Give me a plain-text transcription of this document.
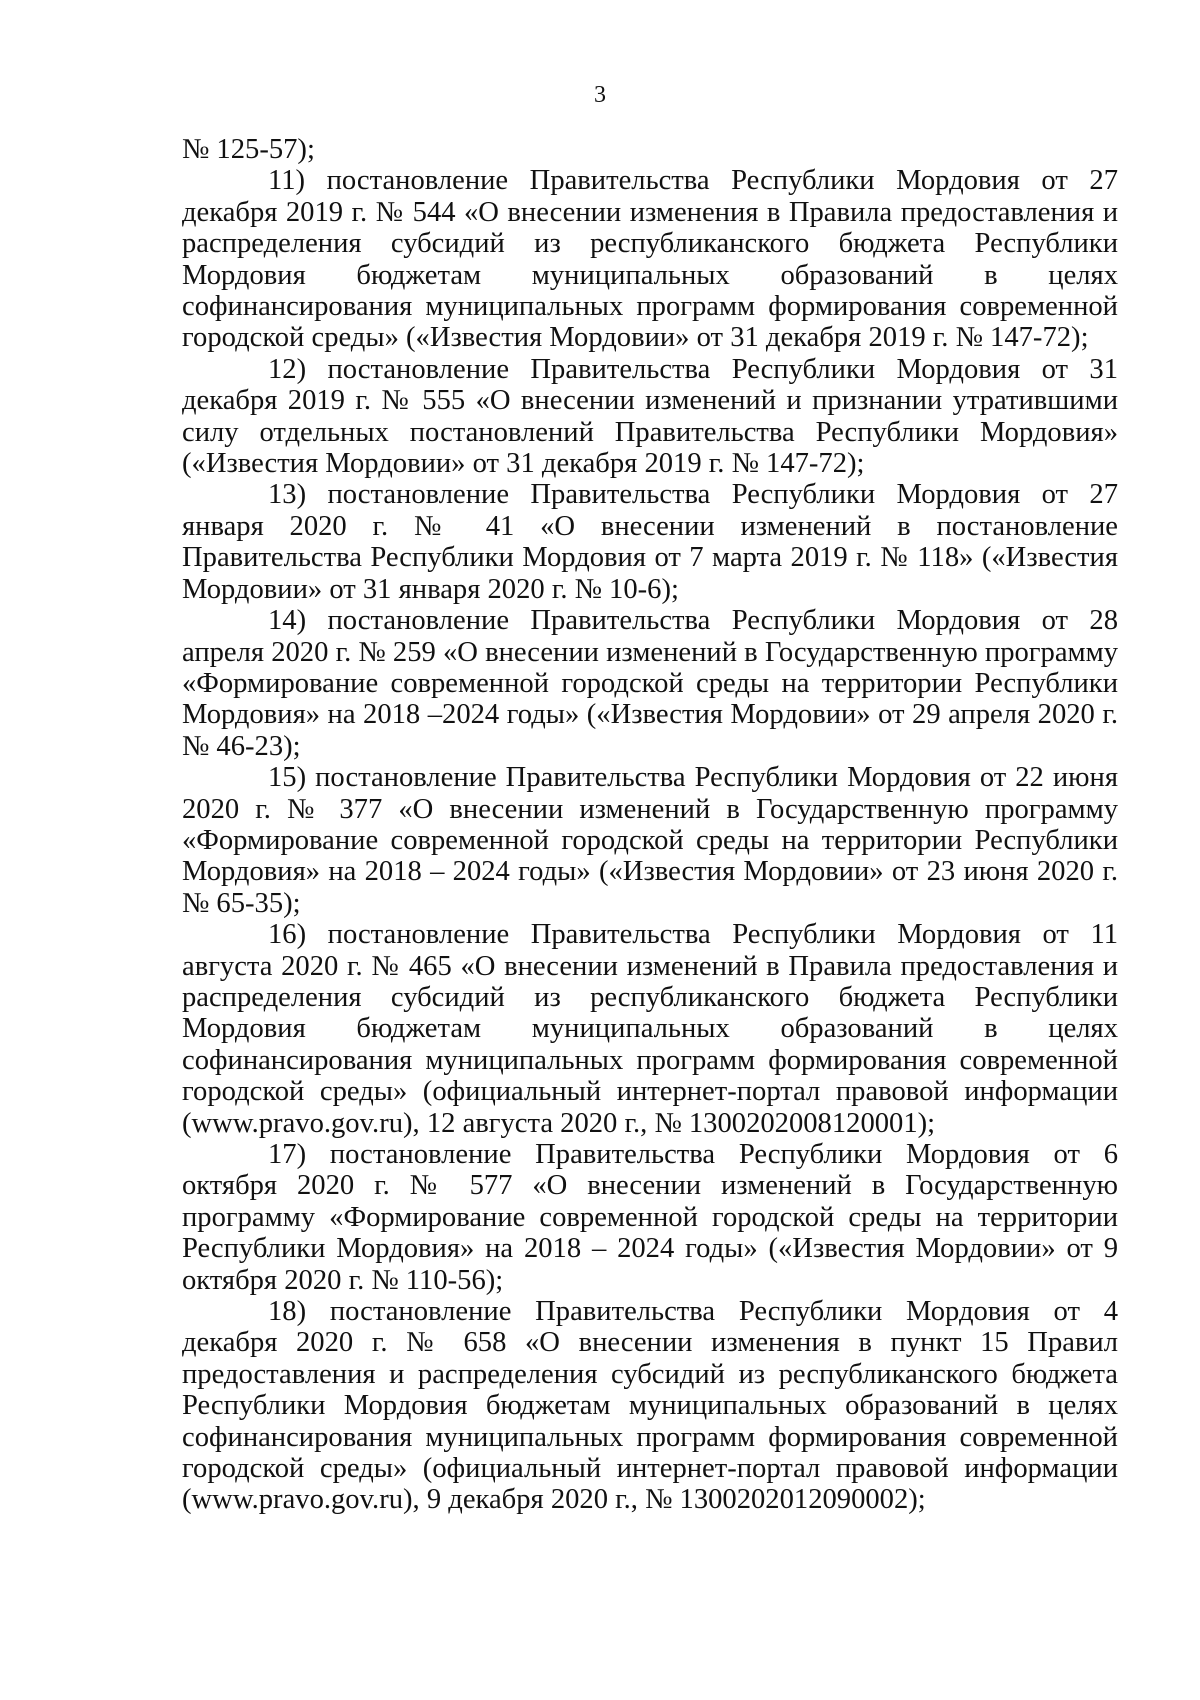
3

№ 125-57);

11) постановление Правительства Республики Мордовия от 27 декабря 2019 г. № 544 «О внесении изменения в Правила предоставления и распределения субсидий из республиканского бюджета Республики Мордовия бюджетам муниципальных образований в целях софинансирования муниципальных программ формирования современной городской среды» («Известия Мордовии» от 31 декабря 2019 г. № 147-72);

12) постановление Правительства Республики Мордовия от 31 декабря 2019 г. № 555 «О внесении изменений и признании утратившими силу отдельных постановлений Правительства Республики Мордовия» («Известия Мордовии» от 31 декабря 2019 г. № 147-72);

13) постановление Правительства Республики Мордовия от 27 января 2020 г. № 41 «О внесении изменений в постановление Правительства Республики Мордовия от 7 марта 2019 г. № 118» («Известия Мордовии» от 31 января 2020 г. № 10-6);

14) постановление Правительства Республики Мордовия от 28 апреля 2020 г. № 259 «О внесении изменений в Государственную программу «Формирование современной городской среды на территории Республики Мордовия» на 2018 –2024 годы» («Известия Мордовии» от 29 апреля 2020 г. № 46-23);

15) постановление Правительства Республики Мордовия от 22 июня 2020 г. № 377 «О внесении изменений в Государственную программу «Формирование современной городской среды на территории Республики Мордовия» на 2018 – 2024 годы» («Известия Мордовии» от 23 июня 2020 г. № 65-35);

16) постановление Правительства Республики Мордовия от 11 августа 2020 г. № 465 «О внесении изменений в Правила предоставления и распределения субсидий из республиканского бюджета Республики Мордовия бюджетам муниципальных образований в целях софинансирования муниципальных программ формирования современной городской среды» (официальный интернет-портал правовой информации (www.pravo.gov.ru), 12 августа 2020 г., № 1300202008120001);

17) постановление Правительства Республики Мордовия от 6 октября 2020 г. № 577 «О внесении изменений в Государственную программу «Формирование современной городской среды на территории Республики Мордовия» на 2018 – 2024 годы» («Известия Мордовии» от 9 октября 2020 г. № 110-56);

18) постановление Правительства Республики Мордовия от 4 декабря 2020 г. № 658 «О внесении изменения в пункт 15 Правил предоставления и распределения субсидий из республиканского бюджета Республики Мордовия бюджетам муниципальных образований в целях софинансирования муниципальных программ формирования современной городской среды» (официальный интернет-портал правовой информации (www.pravo.gov.ru), 9 декабря 2020 г., № 1300202012090002);
